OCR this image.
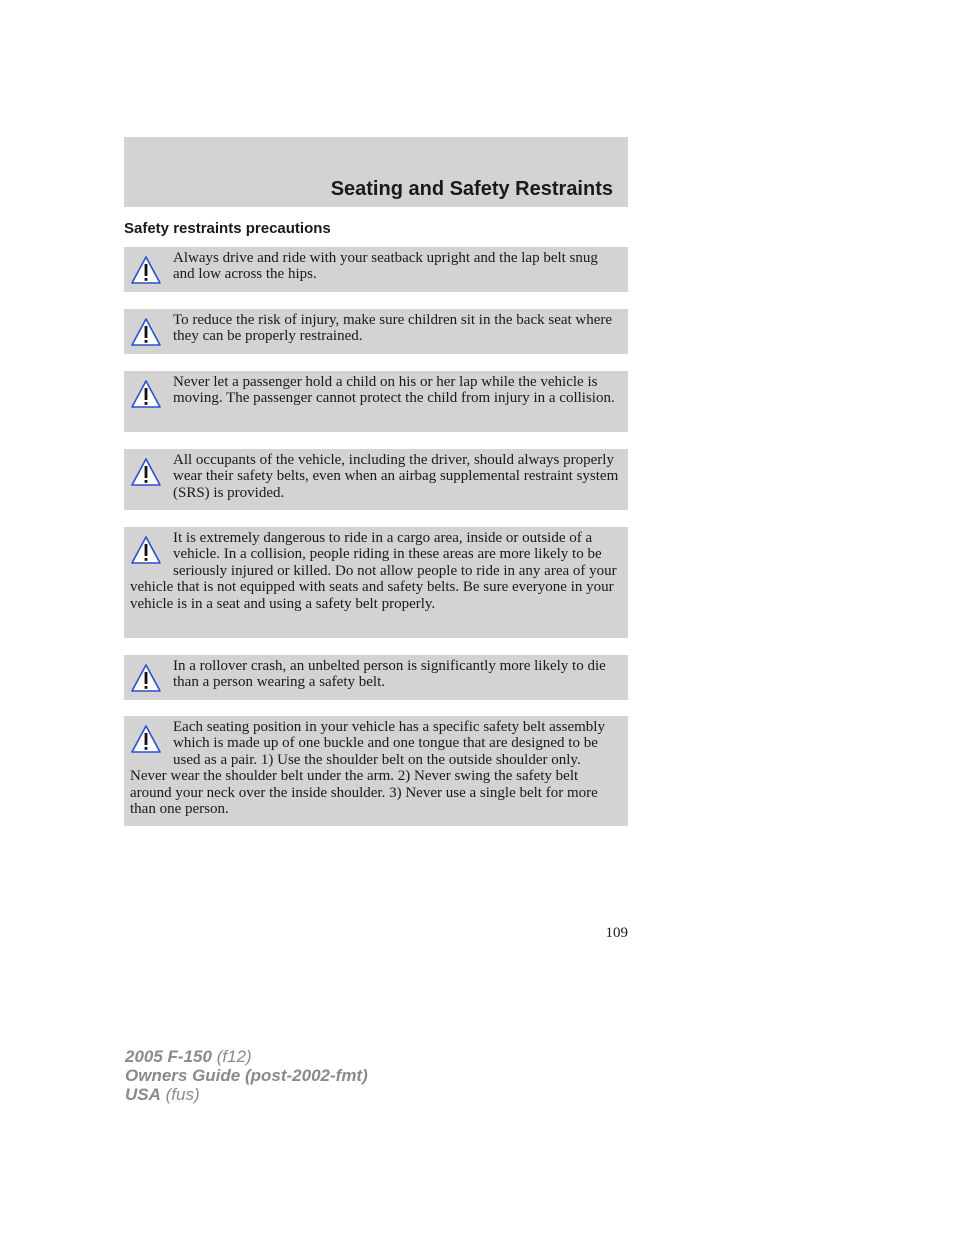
Seating and Safety Restraints
Safety restraints precautions
Always drive and ride with your seatback upright and the lap belt snug and low across the hips.
To reduce the risk of injury, make sure children sit in the back seat where they can be properly restrained.
Never let a passenger hold a child on his or her lap while the vehicle is moving. The passenger cannot protect the child from injury in a collision.
All occupants of the vehicle, including the driver, should always properly wear their safety belts, even when an airbag supplemental restraint system (SRS) is provided.
It is extremely dangerous to ride in a cargo area, inside or outside of a vehicle. In a collision, people riding in these areas are more likely to be seriously injured or killed. Do not allow people to ride in any area of your vehicle that is not equipped with seats and safety belts. Be sure everyone in your vehicle is in a seat and using a safety belt properly.
In a rollover crash, an unbelted person is significantly more likely to die than a person wearing a safety belt.
Each seating position in your vehicle has a specific safety belt assembly which is made up of one buckle and one tongue that are designed to be used as a pair. 1) Use the shoulder belt on the outside shoulder only. Never wear the shoulder belt under the arm. 2) Never swing the safety belt around your neck over the inside shoulder. 3) Never use a single belt for more than one person.
109
2005 F-150 (f12)
Owners Guide (post-2002-fmt)
USA (fus)
